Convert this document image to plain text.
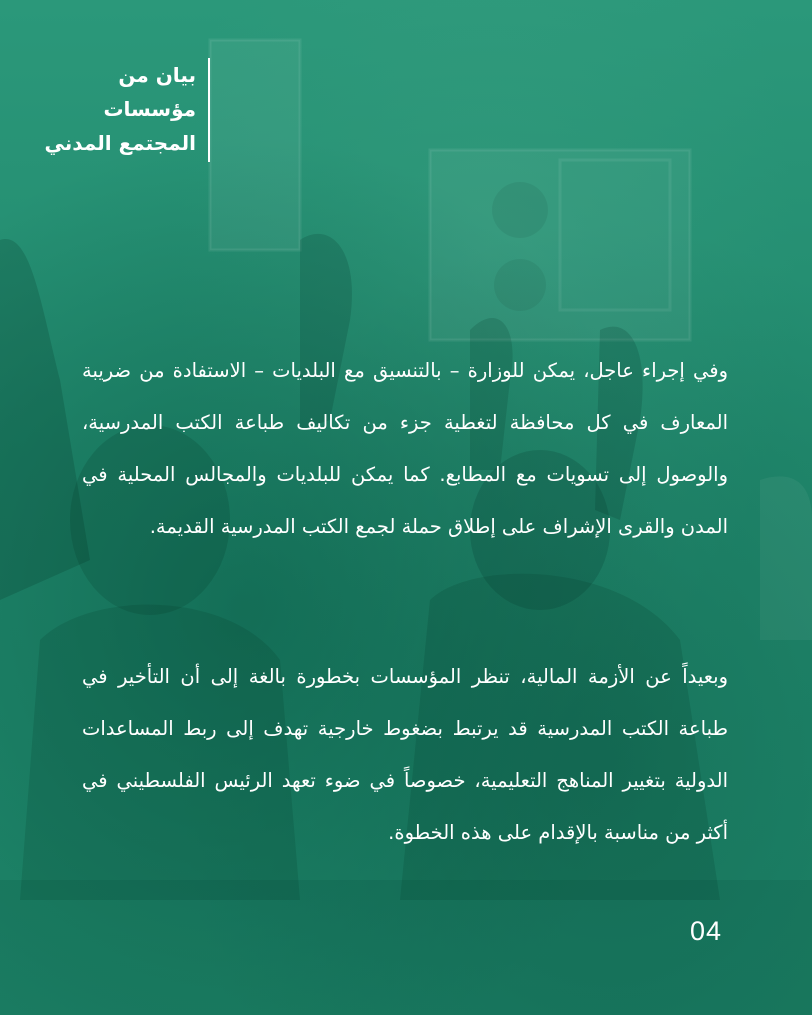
بيان من
مؤسسات
المجتمع المدني

وفي إجراء عاجل، يمكن للوزارة – بالتنسيق مع البلديات – الاستفادة من ضريبة المعارف في كل محافظة لتغطية جزء من تكاليف طباعة الكتب المدرسية، والوصول إلى تسويات مع المطابع. كما يمكن للبلديات والمجالس المحلية في المدن والقرى الإشراف على إطلاق حملة لجمع الكتب المدرسية القديمة.

وبعيداً عن الأزمة المالية، تنظر المؤسسات بخطورة بالغة إلى أن التأخير في طباعة الكتب المدرسية قد يرتبط بضغوط خارجية تهدف إلى ربط المساعدات الدولية بتغيير المناهج التعليمية، خصوصاً في ضوء تعهد الرئيس الفلسطيني في أكثر من مناسبة بالإقدام على هذه الخطوة.

04
